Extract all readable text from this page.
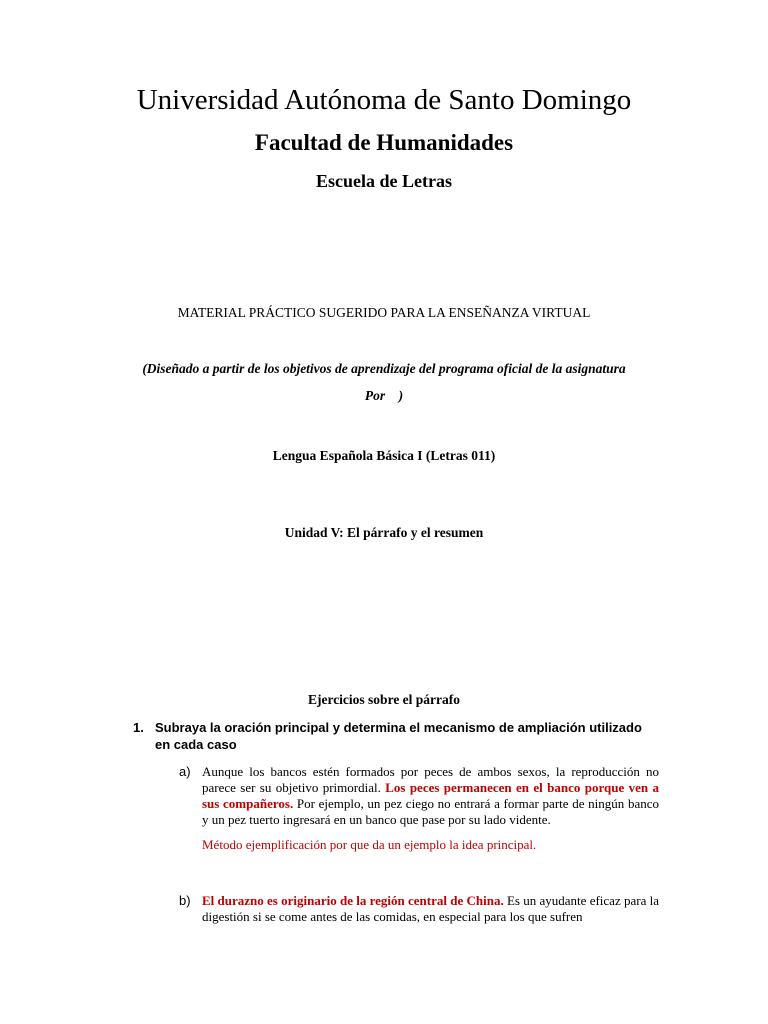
Universidad Autónoma de Santo Domingo
Facultad de Humanidades
Escuela de Letras
MATERIAL PRÁCTICO SUGERIDO PARA LA ENSEÑANZA VIRTUAL
(Diseñado a partir de los objetivos de aprendizaje del programa oficial de la asignatura
Por    )
Lengua Española Básica I (Letras 011)
Unidad V: El párrafo y el resumen
Ejercicios sobre el párrafo
1. Subraya la oración principal y determina el mecanismo de ampliación utilizado en cada caso
a) Aunque los bancos estén formados por peces de ambos sexos, la reproducción no parece ser su objetivo primordial. Los peces permanecen en el banco porque ven a sus compañeros. Por ejemplo, un pez ciego no entrará a formar parte de ningún banco y un pez tuerto ingresará en un banco que pase por su lado vidente.
Método ejemplificación por que da un ejemplo la idea principal.
b) El durazno es originario de la región central de China. Es un ayudante eficaz para la digestión si se come antes de las comidas, en especial para los que sufren
